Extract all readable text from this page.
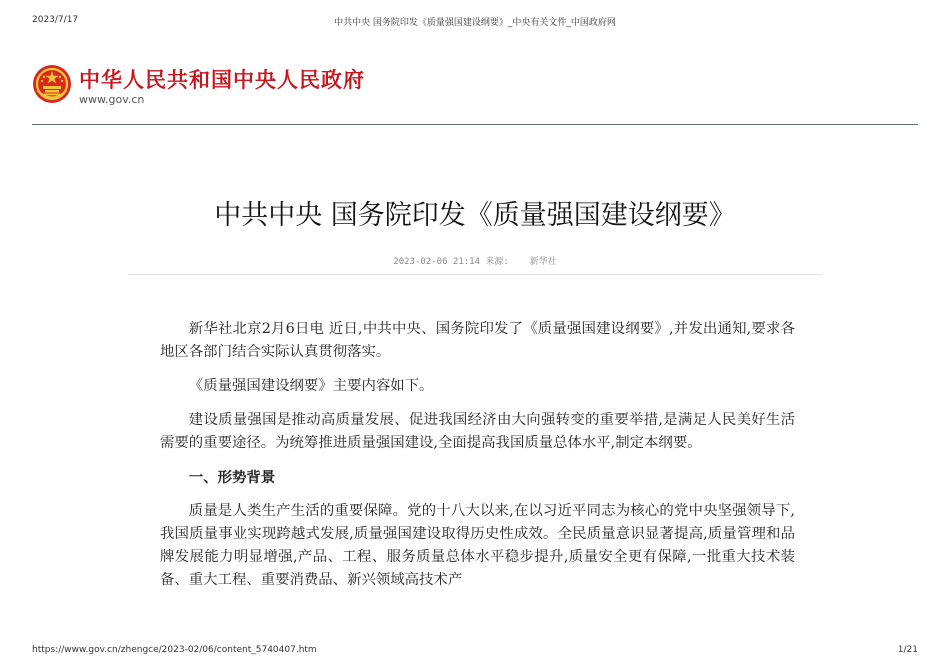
2023/7/17	中共中央 国务院印发《质量强国建设纲要》_中央有关文件_中国政府网
中华人民共和国中央人民政府
www.gov.cn
中共中央 国务院印发《质量强国建设纲要》
2023-02-06 21:14 来源: 新华社

新华社北京2月6日电 近日,中共中央、国务院印发了《质量强国建设纲要》,并发出通知,要求各地区各部门结合实际认真贯彻落实。

《质量强国建设纲要》主要内容如下。

建设质量强国是推动高质量发展、促进我国经济由大向强转变的重要举措,是满足人民美好生活需要的重要途径。为统筹推进质量强国建设,全面提高我国质量总体水平,制定本纲要。

一、形势背景

质量是人类生产生活的重要保障。党的十八大以来,在以习近平同志为核心的党中央坚强领导下,我国质量事业实现跨越式发展,质量强国建设取得历史性成效。全民质量意识显著提高,质量管理和品牌发展能力明显增强,产品、工程、服务质量总体水平稳步提升,质量安全更有保障,一批重大技术装备、重大工程、重要消费品、新兴领域高技术产

https://www.gov.cn/zhengce/2023-02/06/content_5740407.htm	1/21
